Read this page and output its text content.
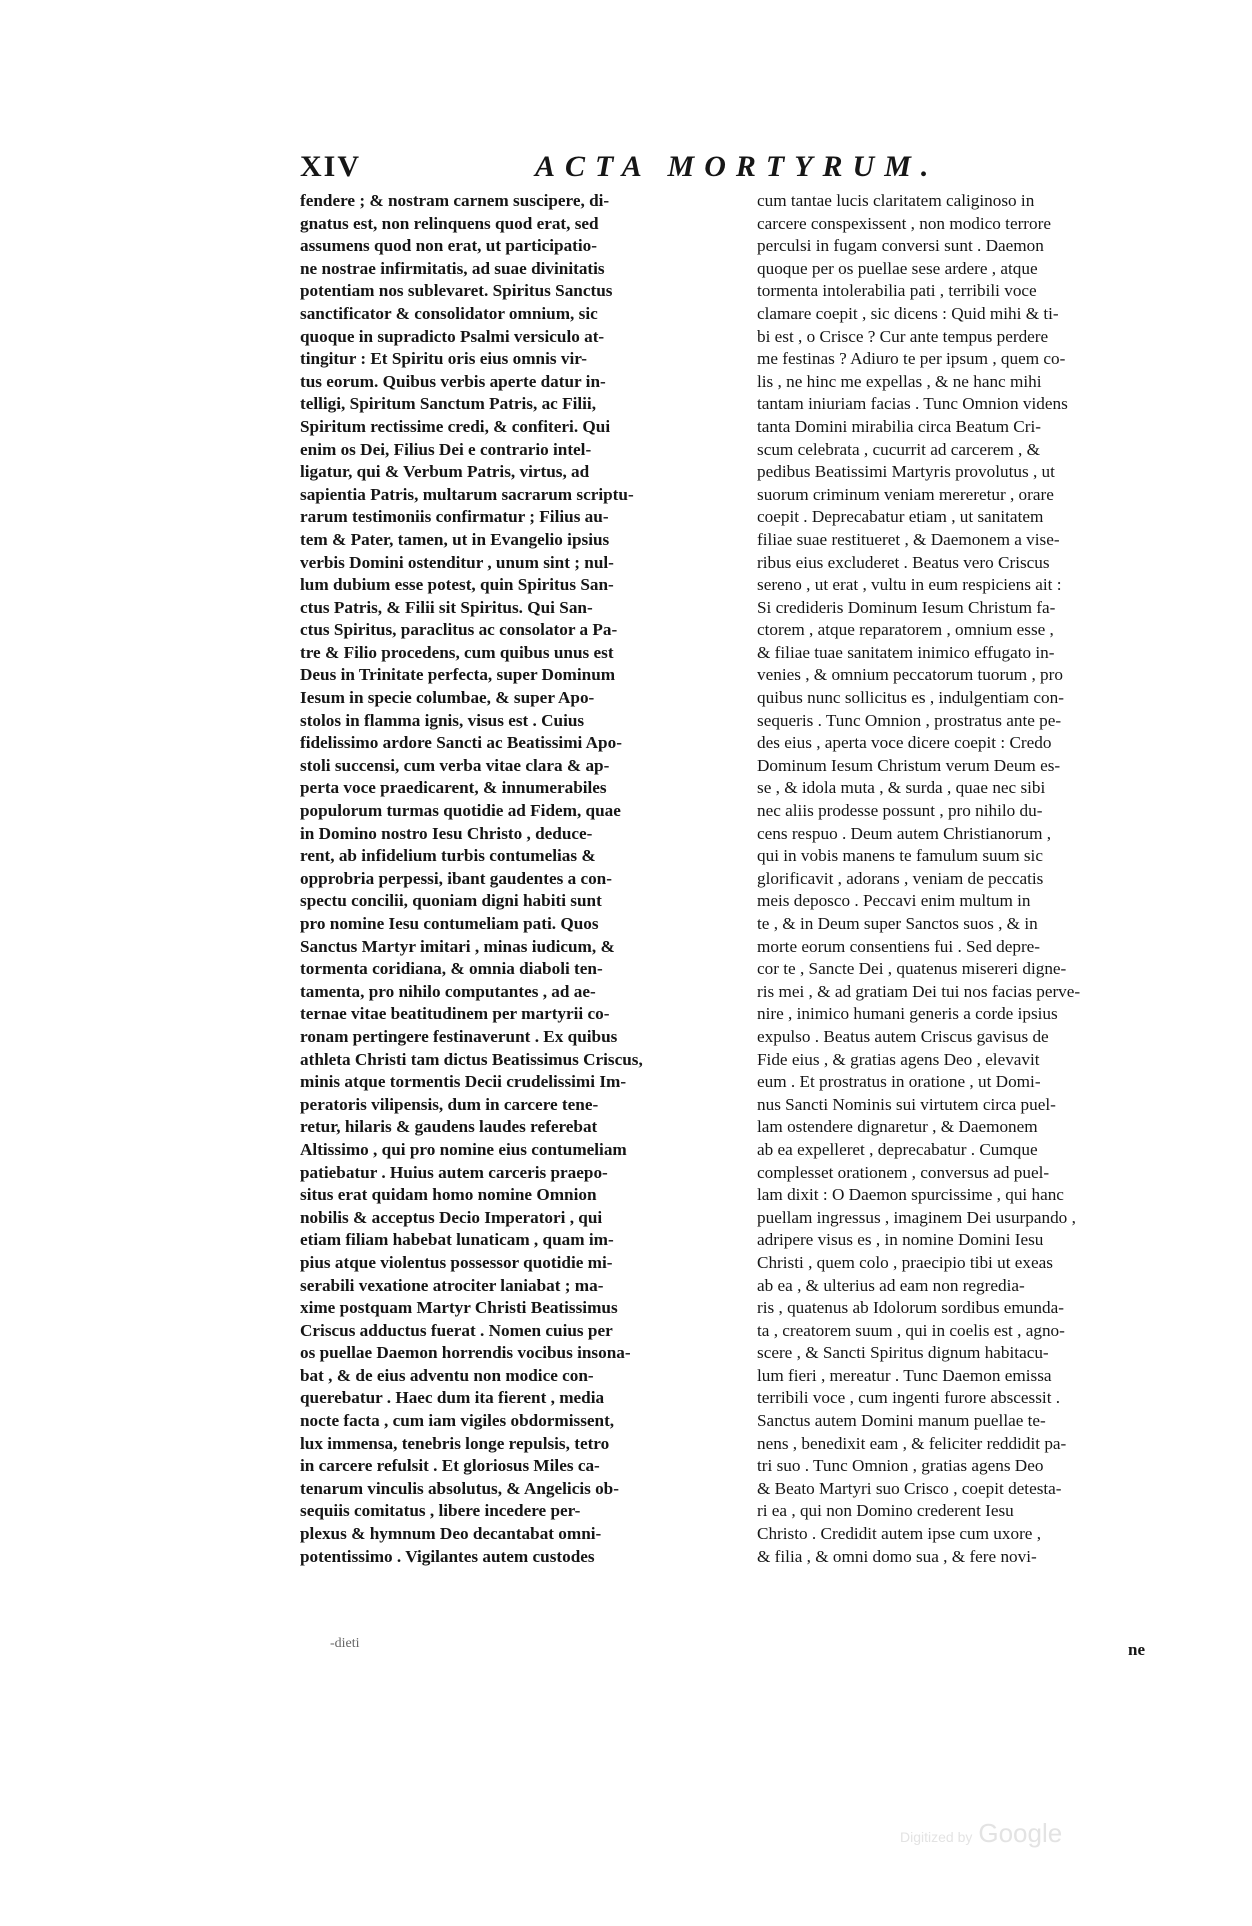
XIV	ACTA MORTYRUM.
fendere ; & nostram carnem suscipere, di-
gnatus est, non relinquens quod erat, sed
assumens quod non erat, ut participatio-
ne nostrae infirmitatis, ad suae divinitatis
potentiam nos sublevaret. Spiritus Sanctus
sanctificator & consolidator omnium, sic
quoque in supradicto Psalmi versiculo at-
tingitur : Et Spiritu oris eius omnis vir-
tus eorum. Quibus verbis aperte datur in-
telligi, Spiritum Sanctum Patris, ac Filii,
Spiritum rectissime credi, & confiteri. Qui
enim os Dei, Filius Dei e contrario intel-
ligatur, qui & Verbum Patris, virtus, ad
sapientia Patris, multarum sacrarum scriptu-
rarum testimoniis confirmatur ; Filius au-
tem & Pater, tamen, ut in Evangelio ipsius
verbis Domini ostenditur , unum sint ; nul-
lum dubium esse potest, quin Spiritus San-
ctus Patris, & Filii sit Spiritus. Qui San-
ctus Spiritus, paraclitus ac consolator a Pa-
tre & Filio procedens, cum quibus unus est
Deus in Trinitate perfecta, super Dominum
Iesum in specie columbae, & super Apo-
stolos in flamma ignis, visus est . Cuius
fidelissimo ardore Sancti ac Beatissimi Apo-
stoli succensi, cum verba vitae clara & ap-
perta voce praedicarent, & innumerabiles
populorum turmas quotidie ad Fidem, quae
in Domino nostro Iesu Christo , deduce-
rent, ab infidelium turbis contumelias &
opprobria perpessi, ibant gaudentes a con-
spectu concilii, quoniam digni habiti sunt
pro nomine Iesu contumeliam pati. Quos
Sanctus Martyr imitari , minas iudicum, &
tormenta coridiana, & omnia diaboli ten-
tamenta, pro nihilo computantes , ad ae-
ternae vitae beatitudinem per martyrii co-
ronam pertingere festinaverunt . Ex quibus
athleta Christi tam dictus Beatissimus Criscus,
minis atque tormentis Decii crudelissimi Im-
peratoris vilipensis, dum in carcere tene-
retur, hilaris & gaudens laudes referebat
Altissimo , qui pro nomine eius contumeliam
patiebatur . Huius autem carceris praepo-
situs erat quidam homo nomine Omnion
nobilis & acceptus Decio Imperatori , qui
etiam filiam habebat lunaticam , quam im-
pius atque violentus possessor quotidie mi-
serabili vexatione atrociter laniabat ; ma-
xime postquam Martyr Christi Beatissimus
Criscus adductus fuerat . Nomen cuius per
os puellae Daemon horrendis vocibus insona-
bat , & de eius adventu non modice con-
querebatur . Haec dum ita fierent , media
nocte facta , cum iam vigiles obdormissent,
lux immensa, tenebris longe repulsis, tetro
in carcere refulsit . Et gloriosus Miles ca-
tenarum vinculis absolutus, & Angelicis ob-
sequiis comitatus , libere incedere per-
plexus & hymnum Deo decantabat omni-
potentissimo . Vigilantes autem custodes
cum tantae lucis claritatem caliginoso in
carcere conspexissent , non modico terrore
perculsi in fugam conversi sunt . Daemon
quoque per os puellae sese ardere , atque
tormenta intolerabilia pati , terribili voce
clamare coepit , sic dicens : Quid mihi & ti-
bi est , o Crisce ? Cur ante tempus perdere
me festinas ? Adiuro te per ipsum , quem co-
lis , ne hinc me expellas , & ne hanc mihi
tantam iniuriam facias . Tunc Omnion videns
tanta Domini mirabilia circa Beatum Cri-
scum celebrata , cucurrit ad carcerem , &
pedibus Beatissimi Martyris provolutus , ut
suorum criminum veniam mereretur , orare
coepit . Deprecabatur etiam , ut sanitatem
filiae suae restitueret , & Daemonem a vise-
ribus eius excluderet . Beatus vero Criscus
sereno , ut erat , vultu in eum respiciens ait :
Si credideris Dominum Iesum Christum fa-
ctorem , atque reparatorem , omnium esse ,
& filiae tuae sanitatem inimico effugato in-
venies , & omnium peccatorum tuorum , pro
quibus nunc sollicitus es , indulgentiam con-
sequeris . Tunc Omnion , prostratus ante pe-
des eius , aperta voce dicere coepit : Credo
Dominum Iesum Christum verum Deum es-
se , & idola muta , & surda , quae nec sibi
nec aliis prodesse possunt , pro nihilo du-
cens respuo . Deum autem Christianorum ,
qui in vobis manens te famulum suum sic
glorificavit , adorans , veniam de peccatis
meis deposco . Peccavi enim multum in
te , & in Deum super Sanctos suos , & in
morte eorum consentiens fui . Sed depre-
cor te , Sancte Dei , quatenus misereri digne-
ris mei , & ad gratiam Dei tui nos facias perve-
nire , inimico humani generis a corde ipsius
expulso . Beatus autem Criscus gavisus de
Fide eius , & gratias agens Deo , elevavit
eum . Et prostratus in oratione , ut Domi-
nus Sancti Nominis sui virtutem circa puel-
lam ostendere dignaretur , & Daemonem
ab ea expelleret , deprecabatur . Cumque
complesset orationem , conversus ad puel-
lam dixit : O Daemon spurcissime , qui hanc
puellam ingressus , imaginem Dei usurpando ,
adripere visus es , in nomine Domini Iesu
Christi , quem colo , praecipio tibi ut exeas
ab ea , & ulterius ad eam non regredia-
ris , quatenus ab Idolorum sordibus emunda-
ta , creatorem suum , qui in coelis est , agno-
scere , & Sancti Spiritus dignum habitacu-
lum fieri , mereatur . Tunc Daemon emissa
terribili voce , cum ingenti furore abscessit .
Sanctus autem Domini manum puellae te-
nens , benedixit eam , & feliciter reddidit pa-
tri suo . Tunc Omnion , gratias agens Deo
& Beato Martyri suo Crisco , coepit detesta-
ri ea , qui non Domino crederent Iesu
Christo . Credidit autem ipse cum uxore ,
& filia , & omni domo sua , & fere novi-
-dieti	ne
Digitized by Google
